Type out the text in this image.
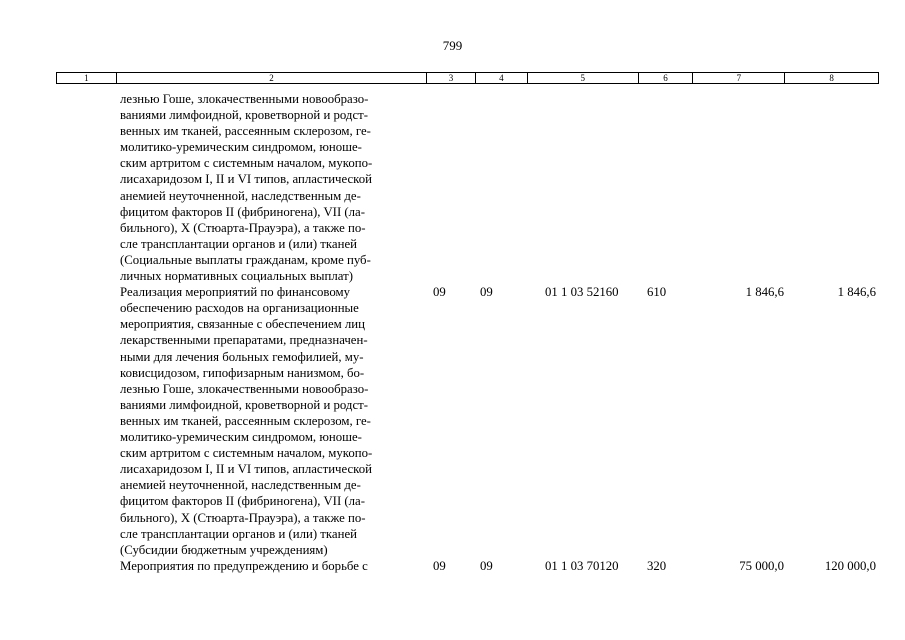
799
1	2	3	4	5	6	7	8
лезнью Гоше, злокачественными новообразо-
ваниями лимфоидной, кроветворной и родст-
венных им тканей, рассеянным склерозом, ге-
молитико-уремическим синдромом, юноше-
ским артритом с системным началом, мукопо-
лисахаридозом I, II и VI типов, апластической
анемией неуточненной, наследственным де-
фицитом факторов II (фибриногена), VII (ла-
бильного), X (Стюарта-Прауэра), а также по-
сле трансплантации органов и (или) тканей
(Социальные выплаты гражданам, кроме пуб-
личных нормативных социальных выплат)
Реализация мероприятий по финансовому
обеспечению расходов на организационные
мероприятия, связанные с обеспечением лиц
лекарственными препаратами, предназначен-
ными для лечения больных гемофилией, му-
ковисцидозом, гипофизарным нанизмом, бо-
лезнью Гоше, злокачественными новообразо-
ваниями лимфоидной, кроветворной и родст-
венных им тканей, рассеянным склерозом, ге-
молитико-уремическим синдромом, юноше-
ским артритом с системным началом, мукопо-
лисахаридозом I, II и VI типов, апластической
анемией неуточненной, наследственным де-
фицитом факторов II (фибриногена), VII (ла-
бильного), X (Стюарта-Прауэра), а также по-
сле трансплантации органов и (или) тканей
(Субсидии бюджетным учреждениям)
09	09	01 1 03 52160 610	1 846,6	1 846,6
Мероприятия по предупреждению и борьбе с	09	09	01 1 03 70120 320	75 000,0	120 000,0
